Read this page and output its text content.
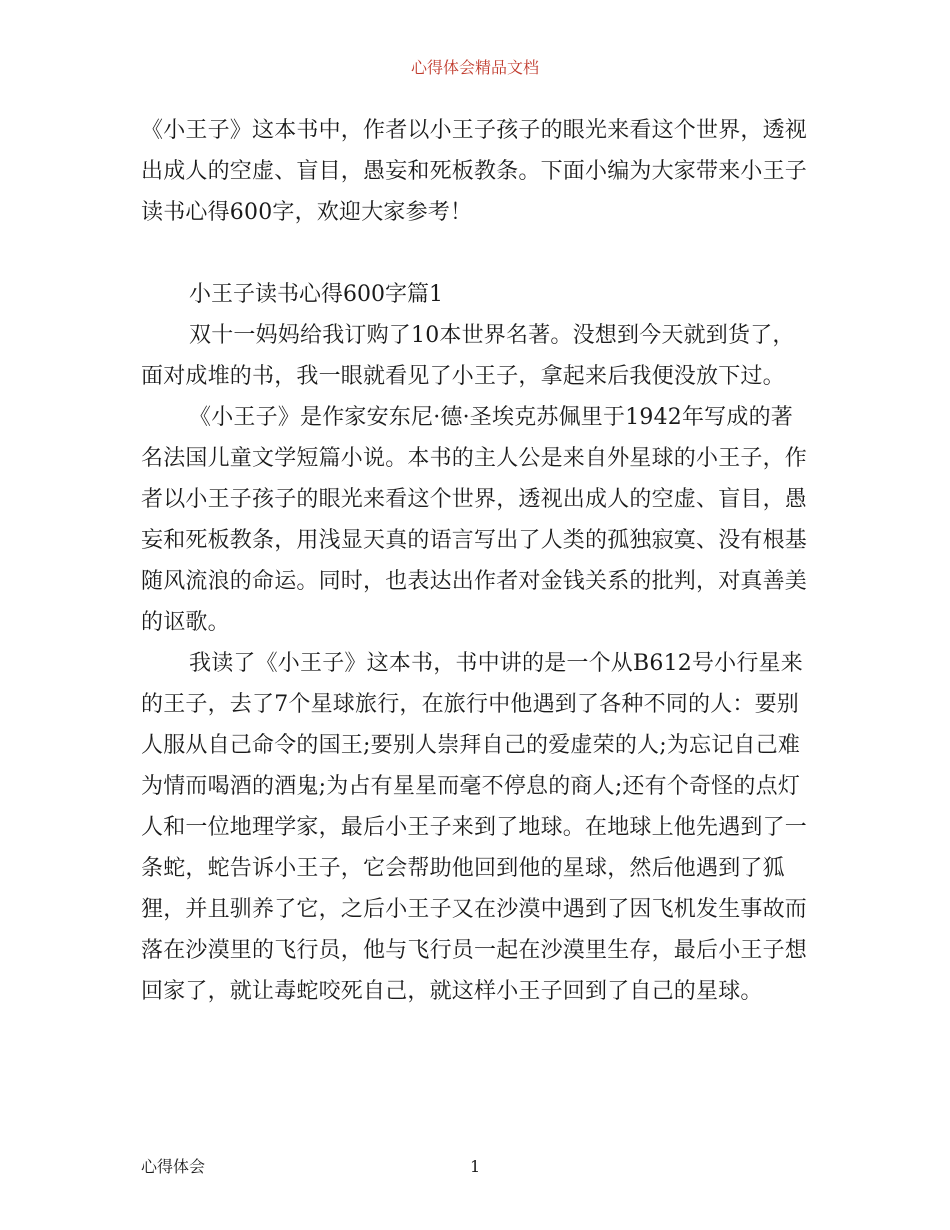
心得体会精品文档

《小王子》这本书中，作者以小王子孩子的眼光来看这个世界，透视出成人的空虚、盲目，愚妄和死板教条。下面小编为大家带来小王子读书心得600字，欢迎大家参考！

小王子读书心得600字篇1

双十一妈妈给我订购了10本世界名著。没想到今天就到货了，面对成堆的书，我一眼就看见了小王子，拿起来后我便没放下过。

《小王子》是作家安东尼·德·圣埃克苏佩里于1942年写成的著名法国儿童文学短篇小说。本书的主人公是来自外星球的小王子，作者以小王子孩子的眼光来看这个世界，透视出成人的空虚、盲目，愚妄和死板教条，用浅显天真的语言写出了人类的孤独寂寞、没有根基随风流浪的命运。同时，也表达出作者对金钱关系的批判，对真善美的讴歌。

我读了《小王子》这本书，书中讲的是一个从B612号小行星来的王子，去了7个星球旅行，在旅行中他遇到了各种不同的人：要别人服从自己命令的国王;要别人崇拜自己的爱虚荣的人;为忘记自己难为情而喝酒的酒鬼;为占有星星而毫不停息的商人;还有个奇怪的点灯人和一位地理学家，最后小王子来到了地球。在地球上他先遇到了一条蛇，蛇告诉小王子，它会帮助他回到他的星球，然后他遇到了狐狸，并且驯养了它，之后小王子又在沙漠中遇到了因飞机发生事故而落在沙漠里的飞行员，他与飞行员一起在沙漠里生存，最后小王子想回家了，就让毒蛇咬死自己，就这样小王子回到了自己的星球。

心得体会	1
